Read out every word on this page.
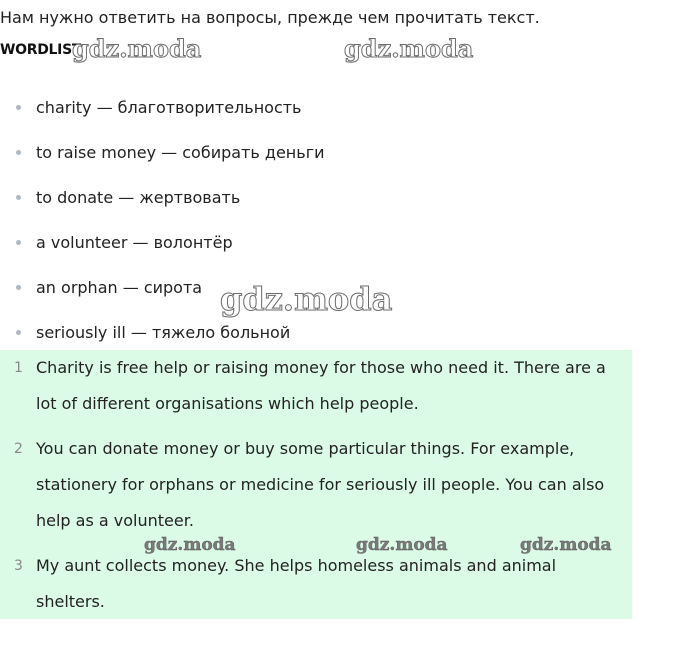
Нам нужно ответить на вопросы, прежде чем прочитать текст.
WORDLIST
gdz.moda	gdz.moda
gdz.moda
charity — благотворительность
to raise money — собирать деньги
to donate — жертвовать
a volunteer — волонтёр
an orphan — сирота
seriously ill — тяжело больной
1 Charity is free help or raising money for those who need it. There are a
lot of different organisations which help people.
2 You can donate money or buy some particular things. For example,
stationery for orphans or medicine for seriously ill people. You can also
help as a volunteer.
3 My aunt collects money. She helps homeless animals and animal
shelters.
gdz.moda	gdz.moda	gdz.moda
